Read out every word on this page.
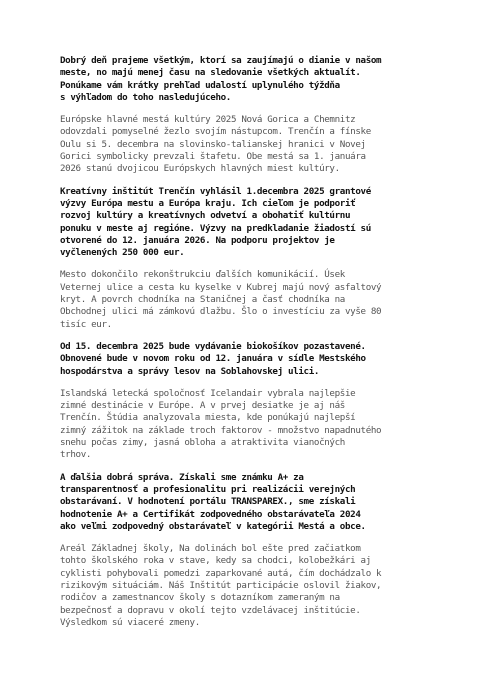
Dobrý deň prajeme všetkým, ktorí sa zaujímajú o dianie v našom
meste, no majú menej času na sledovanie všetkých aktualít.
Ponúkame vám krátky prehľad udalostí uplynulého týždňa
s výhľadom do toho nasledujúceho.

Európske hlavné mestá kultúry 2025 Nová Gorica a Chemnitz
odovzdali pomyselné žezlo svojím nástupcom. Trenčín a fínske
Oulu si 5. decembra na slovinsko-talianskej hranici v Novej
Gorici symbolicky prevzali štafetu. Obe mestá sa 1. januára
2026 stanú dvojicou Európskych hlavných miest kultúry.

Kreatívny inštitút Trenčín vyhlásil 1.decembra 2025 grantové
výzvy Európa mestu a Európa kraju. Ich cieľom je podporiť
rozvoj kultúry a kreatívnych odvetví a obohatiť kultúrnu
ponuku v meste aj regióne. Výzvy na predkladanie žiadostí sú
otvorené do 12. januára 2026. Na podporu projektov je
vyčlenených 250 000 eur.

Mesto dokončilo rekonštrukciu ďalších komunikácií. Úsek
Veternej ulice a cesta ku kyselke v Kubrej majú nový asfaltový
kryt. A povrch chodníka na Staničnej a časť chodníka na
Obchodnej ulici má zámkovú dlažbu. Šlo o investíciu za vyše 80
tisíc eur.

Od 15. decembra 2025 bude vydávanie biokošíkov pozastavené.
Obnovené bude v novom roku od 12. januára v sídle Mestského
hospodárstva a správy lesov na Soblahovskej ulici.

Islandská letecká spoločnosť Icelandair vybrala najlepšie
zimné destinácie v Európe. A v prvej desiatke je aj náš
Trenčín. Štúdia analyzovala miesta, kde ponúkajú najlepší
zimný zážitok na základe troch faktorov - množstvo napadnutého
snehu počas zimy, jasná obloha a atraktivita vianočných
trhov.

A ďalšia dobrá správa. Získali sme známku A+ za
transparentnosť a profesionalitu pri realizácii verejných
obstarávaní. V hodnotení portálu TRANSPAREX., sme získali
hodnotenie A+ a Certifikát zodpovedného obstarávateľa 2024
ako veľmi zodpovedný obstarávateľ v kategórii Mestá a obce.

Areál Základnej školy, Na dolinách bol ešte pred začiatkom
tohto školského roka v stave, kedy sa chodci, kolobežkári aj
cyklisti pohybovali pomedzi zaparkované autá, čím dochádzalo k
rizikovým situáciám. Náš Inštitút participácie oslovil žiakov,
rodičov a zamestnancov školy s dotazníkom zameraným na
bezpečnosť a dopravu v okolí tejto vzdelávacej inštitúcie.
Výsledkom sú viaceré zmeny.
